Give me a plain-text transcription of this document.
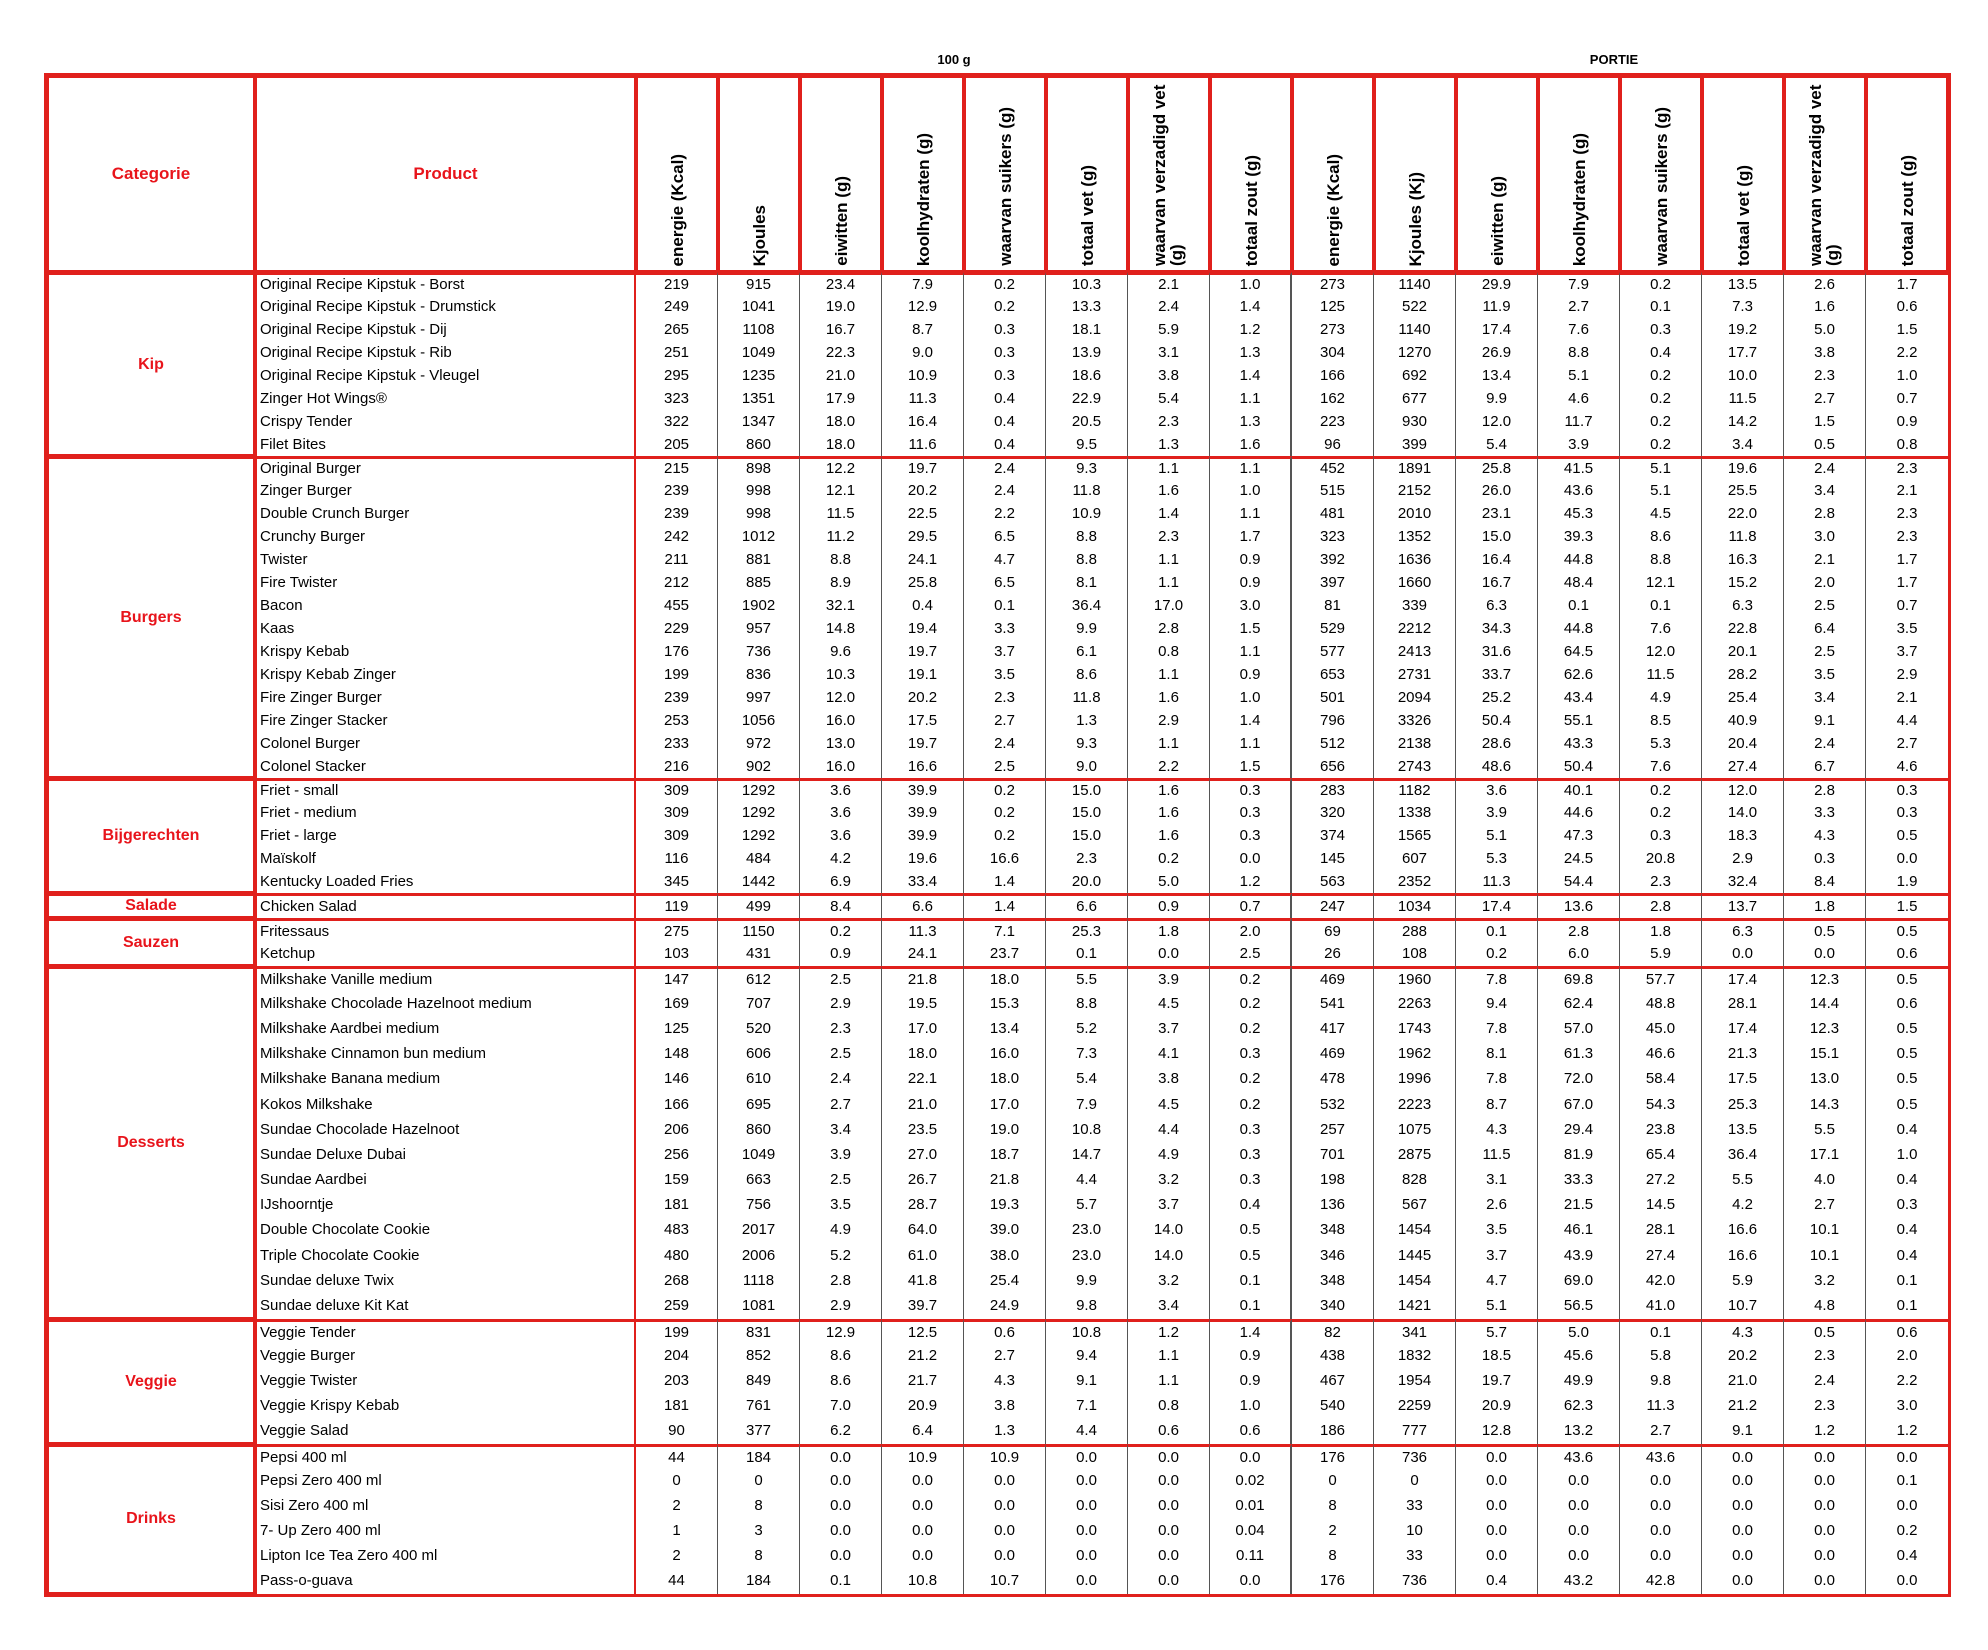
100 g	PORTIE
Categorie	Product	energie (Kcal)	Kjoules	eiwitten (g)	koolhydraten (g)	waarvan suikers (g)	totaal vet (g)	waarvan verzadigd vet (g)	totaal zout (g)	energie (Kcal)	Kjoules (Kj)	eiwitten (g)	koolhydraten (g)	waarvan suikers (g)	totaal vet (g)	waarvan verzadigd vet (g)	totaal zout (g)

Kip	Original Recipe Kipstuk - Borst	219	915	23.4	7.9	0.2	10.3	2.1	1.0	273	1140	29.9	7.9	0.2	13.5	2.6	1.7
	Original Recipe Kipstuk - Drumstick	249	1041	19.0	12.9	0.2	13.3	2.4	1.4	125	522	11.9	2.7	0.1	7.3	1.6	0.6
	Original Recipe Kipstuk - Dij	265	1108	16.7	8.7	0.3	18.1	5.9	1.2	273	1140	17.4	7.6	0.3	19.2	5.0	1.5
	Original Recipe Kipstuk - Rib	251	1049	22.3	9.0	0.3	13.9	3.1	1.3	304	1270	26.9	8.8	0.4	17.7	3.8	2.2
	Original Recipe Kipstuk - Vleugel	295	1235	21.0	10.9	0.3	18.6	3.8	1.4	166	692	13.4	5.1	0.2	10.0	2.3	1.0
	Zinger Hot Wings®	323	1351	17.9	11.3	0.4	22.9	5.4	1.1	162	677	9.9	4.6	0.2	11.5	2.7	0.7
	Crispy Tender	322	1347	18.0	16.4	0.4	20.5	2.3	1.3	223	930	12.0	11.7	0.2	14.2	1.5	0.9
	Filet Bites	205	860	18.0	11.6	0.4	9.5	1.3	1.6	96	399	5.4	3.9	0.2	3.4	0.5	0.8
Burgers	Original Burger	215	898	12.2	19.7	2.4	9.3	1.1	1.1	452	1891	25.8	41.5	5.1	19.6	2.4	2.3
	Zinger Burger	239	998	12.1	20.2	2.4	11.8	1.6	1.0	515	2152	26.0	43.6	5.1	25.5	3.4	2.1
	Double Crunch Burger	239	998	11.5	22.5	2.2	10.9	1.4	1.1	481	2010	23.1	45.3	4.5	22.0	2.8	2.3
	Crunchy Burger	242	1012	11.2	29.5	6.5	8.8	2.3	1.7	323	1352	15.0	39.3	8.6	11.8	3.0	2.3
	Twister	211	881	8.8	24.1	4.7	8.8	1.1	0.9	392	1636	16.4	44.8	8.8	16.3	2.1	1.7
	Fire Twister	212	885	8.9	25.8	6.5	8.1	1.1	0.9	397	1660	16.7	48.4	12.1	15.2	2.0	1.7
	Bacon	455	1902	32.1	0.4	0.1	36.4	17.0	3.0	81	339	6.3	0.1	0.1	6.3	2.5	0.7
	Kaas	229	957	14.8	19.4	3.3	9.9	2.8	1.5	529	2212	34.3	44.8	7.6	22.8	6.4	3.5
	Krispy Kebab	176	736	9.6	19.7	3.7	6.1	0.8	1.1	577	2413	31.6	64.5	12.0	20.1	2.5	3.7
	Krispy Kebab Zinger	199	836	10.3	19.1	3.5	8.6	1.1	0.9	653	2731	33.7	62.6	11.5	28.2	3.5	2.9
	Fire Zinger Burger	239	997	12.0	20.2	2.3	11.8	1.6	1.0	501	2094	25.2	43.4	4.9	25.4	3.4	2.1
	Fire Zinger Stacker	253	1056	16.0	17.5	2.7	1.3	2.9	1.4	796	3326	50.4	55.1	8.5	40.9	9.1	4.4
	Colonel Burger	233	972	13.0	19.7	2.4	9.3	1.1	1.1	512	2138	28.6	43.3	5.3	20.4	2.4	2.7
	Colonel Stacker	216	902	16.0	16.6	2.5	9.0	2.2	1.5	656	2743	48.6	50.4	7.6	27.4	6.7	4.6
Bijgerechten	Friet - small	309	1292	3.6	39.9	0.2	15.0	1.6	0.3	283	1182	3.6	40.1	0.2	12.0	2.8	0.3
	Friet - medium	309	1292	3.6	39.9	0.2	15.0	1.6	0.3	320	1338	3.9	44.6	0.2	14.0	3.3	0.3
	Friet - large	309	1292	3.6	39.9	0.2	15.0	1.6	0.3	374	1565	5.1	47.3	0.3	18.3	4.3	0.5
	Maïskolf	116	484	4.2	19.6	16.6	2.3	0.2	0.0	145	607	5.3	24.5	20.8	2.9	0.3	0.0
	Kentucky Loaded Fries	345	1442	6.9	33.4	1.4	20.0	5.0	1.2	563	2352	11.3	54.4	2.3	32.4	8.4	1.9
Salade	Chicken Salad	119	499	8.4	6.6	1.4	6.6	0.9	0.7	247	1034	17.4	13.6	2.8	13.7	1.8	1.5
Sauzen	Fritessaus	275	1150	0.2	11.3	7.1	25.3	1.8	2.0	69	288	0.1	2.8	1.8	6.3	0.5	0.5
	Ketchup	103	431	0.9	24.1	23.7	0.1	0.0	2.5	26	108	0.2	6.0	5.9	0.0	0.0	0.6
Desserts	Milkshake Vanille medium	147	612	2.5	21.8	18.0	5.5	3.9	0.2	469	1960	7.8	69.8	57.7	17.4	12.3	0.5
	Milkshake Chocolade Hazelnoot medium	169	707	2.9	19.5	15.3	8.8	4.5	0.2	541	2263	9.4	62.4	48.8	28.1	14.4	0.6
	Milkshake Aardbei medium	125	520	2.3	17.0	13.4	5.2	3.7	0.2	417	1743	7.8	57.0	45.0	17.4	12.3	0.5
	Milkshake Cinnamon bun medium	148	606	2.5	18.0	16.0	7.3	4.1	0.3	469	1962	8.1	61.3	46.6	21.3	15.1	0.5
	Milkshake Banana medium	146	610	2.4	22.1	18.0	5.4	3.8	0.2	478	1996	7.8	72.0	58.4	17.5	13.0	0.5
	Kokos Milkshake	166	695	2.7	21.0	17.0	7.9	4.5	0.2	532	2223	8.7	67.0	54.3	25.3	14.3	0.5
	Sundae Chocolade Hazelnoot	206	860	3.4	23.5	19.0	10.8	4.4	0.3	257	1075	4.3	29.4	23.8	13.5	5.5	0.4
	Sundae Deluxe Dubai	256	1049	3.9	27.0	18.7	14.7	4.9	0.3	701	2875	11.5	81.9	65.4	36.4	17.1	1.0
	Sundae Aardbei	159	663	2.5	26.7	21.8	4.4	3.2	0.3	198	828	3.1	33.3	27.2	5.5	4.0	0.4
	IJshoorntje	181	756	3.5	28.7	19.3	5.7	3.7	0.4	136	567	2.6	21.5	14.5	4.2	2.7	0.3
	Double Chocolate Cookie	483	2017	4.9	64.0	39.0	23.0	14.0	0.5	348	1454	3.5	46.1	28.1	16.6	10.1	0.4
	Triple Chocolate Cookie	480	2006	5.2	61.0	38.0	23.0	14.0	0.5	346	1445	3.7	43.9	27.4	16.6	10.1	0.4
	Sundae deluxe Twix	268	1118	2.8	41.8	25.4	9.9	3.2	0.1	348	1454	4.7	69.0	42.0	5.9	3.2	0.1
	Sundae deluxe Kit Kat	259	1081	2.9	39.7	24.9	9.8	3.4	0.1	340	1421	5.1	56.5	41.0	10.7	4.8	0.1
Veggie	Veggie Tender	199	831	12.9	12.5	0.6	10.8	1.2	1.4	82	341	5.7	5.0	0.1	4.3	0.5	0.6
	Veggie Burger	204	852	8.6	21.2	2.7	9.4	1.1	0.9	438	1832	18.5	45.6	5.8	20.2	2.3	2.0
	Veggie Twister	203	849	8.6	21.7	4.3	9.1	1.1	0.9	467	1954	19.7	49.9	9.8	21.0	2.4	2.2
	Veggie Krispy Kebab	181	761	7.0	20.9	3.8	7.1	0.8	1.0	540	2259	20.9	62.3	11.3	21.2	2.3	3.0
	Veggie Salad	90	377	6.2	6.4	1.3	4.4	0.6	0.6	186	777	12.8	13.2	2.7	9.1	1.2	1.2
Drinks	Pepsi 400 ml	44	184	0.0	10.9	10.9	0.0	0.0	0.0	176	736	0.0	43.6	43.6	0.0	0.0	0.0
	Pepsi Zero 400 ml	0	0	0.0	0.0	0.0	0.0	0.0	0.02	0	0	0.0	0.0	0.0	0.0	0.0	0.1
	Sisi Zero 400 ml	2	8	0.0	0.0	0.0	0.0	0.0	0.01	8	33	0.0	0.0	0.0	0.0	0.0	0.0
	7- Up Zero 400 ml	1	3	0.0	0.0	0.0	0.0	0.0	0.04	2	10	0.0	0.0	0.0	0.0	0.0	0.2
	Lipton Ice Tea Zero 400 ml	2	8	0.0	0.0	0.0	0.0	0.0	0.11	8	33	0.0	0.0	0.0	0.0	0.0	0.4
	Pass-o-guava	44	184	0.1	10.8	10.7	0.0	0.0	0.0	176	736	0.4	43.2	42.8	0.0	0.0	0.0
